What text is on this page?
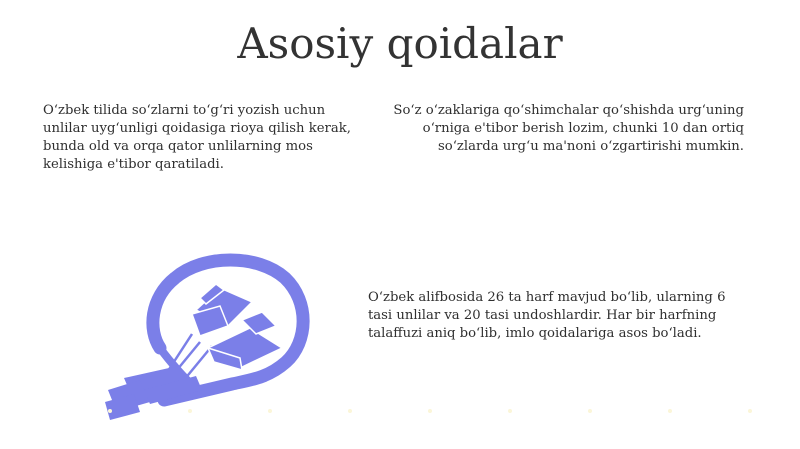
Asosiy qoidalar

O‘zbek tilida so‘zlarni to‘g‘ri yozish uchun unlilar uyg‘unligi qoidasiga rioya qilish kerak, bunda old va orqa qator unlilarning mos kelishiga e'tibor qaratiladi.

So‘z o‘zaklariga qo‘shimchalar qo‘shishda urg‘uning o‘rniga e'tibor berish lozim, chunki 10 dan ortiq so‘zlarda urg‘u ma'noni o‘zgartirishi mumkin.

O‘zbek alifbosida 26 ta harf mavjud bo‘lib, ularning 6 tasi unlilar va 20 tasi undoshlardir. Har bir harfning talaffuzi aniq bo‘lib, imlo qoidalariga asos bo‘ladi.
